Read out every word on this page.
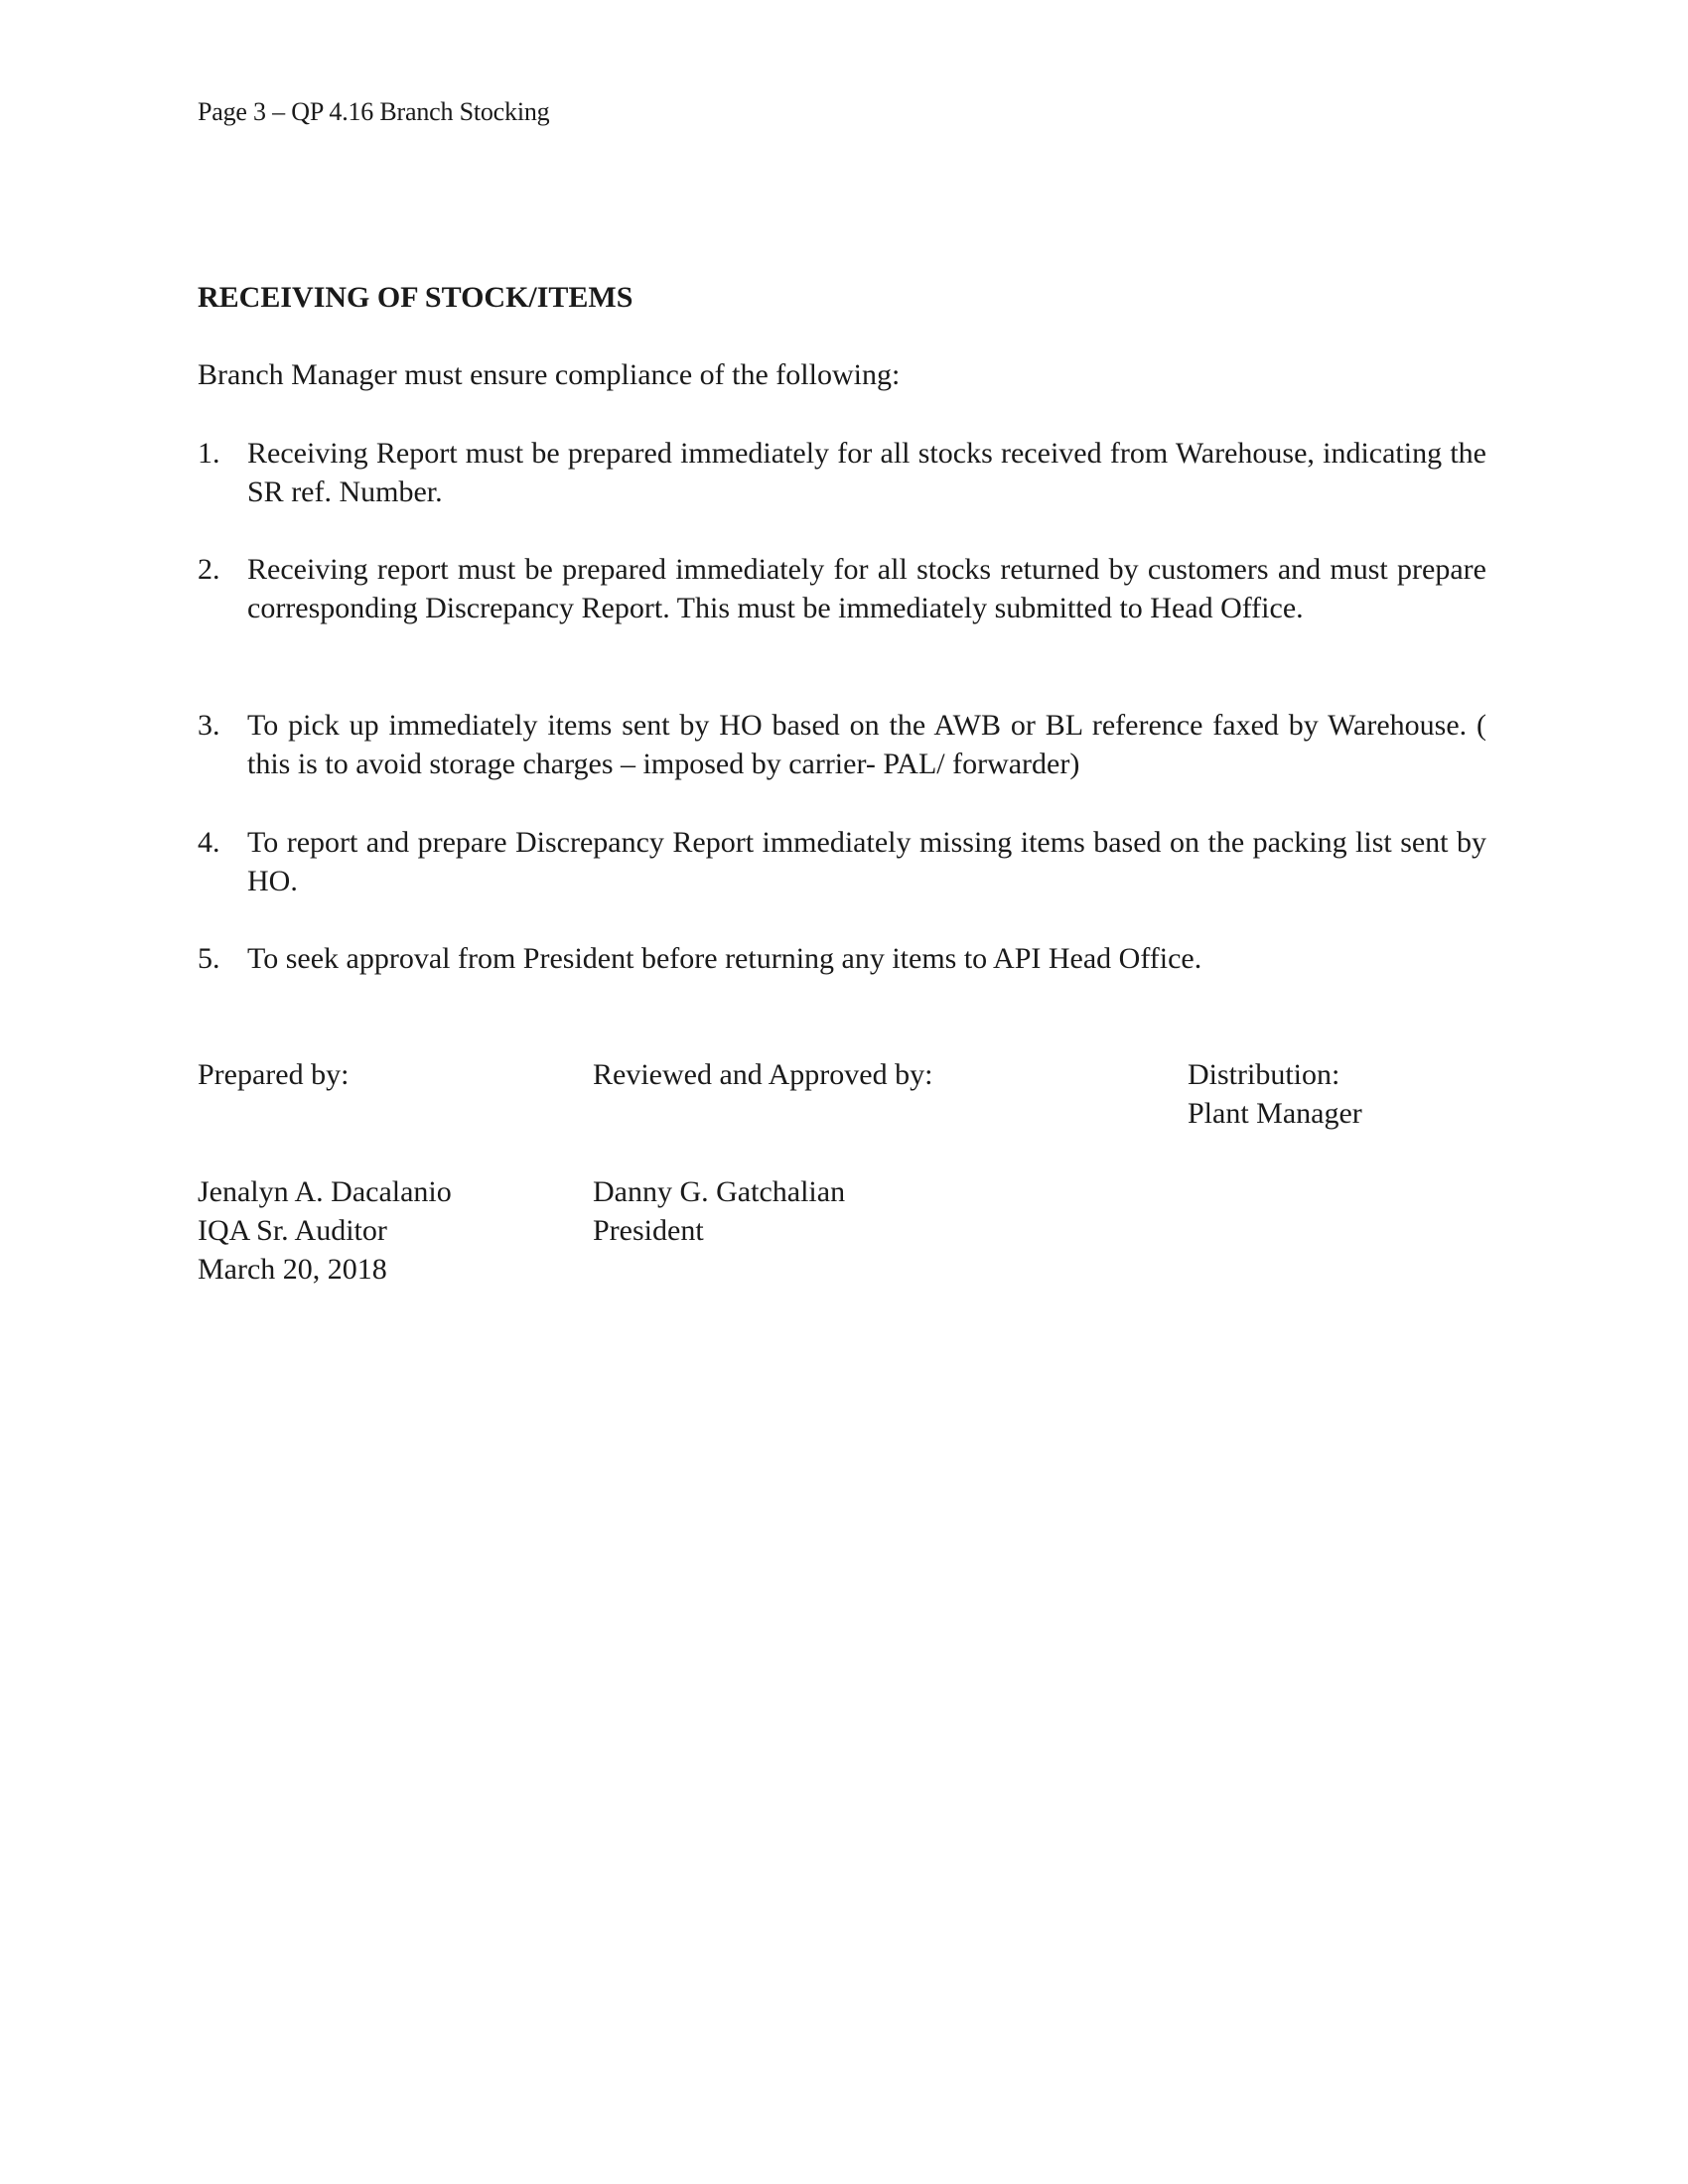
Page 3 – QP 4.16 Branch Stocking
RECEIVING OF STOCK/ITEMS
Branch Manager must ensure compliance of the following:
1. Receiving Report must be prepared immediately for all stocks received from Warehouse, indicating the SR ref. Number.
2. Receiving report must be prepared immediately for all stocks returned by customers and must prepare corresponding Discrepancy Report. This must be immediately submitted to Head Office.
3. To pick up immediately items sent by HO based on the AWB or BL reference faxed by Warehouse. ( this is to avoid storage charges – imposed by carrier- PAL/ forwarder)
4. To report and prepare Discrepancy Report immediately missing items based on the packing list sent by HO.
5. To seek approval from President before returning any items to API Head Office.
Prepared by:	Reviewed and Approved by:	Distribution:
Plant Manager
Jenalyn A. Dacalanio
IQA Sr. Auditor
March 20, 2018
Danny G. Gatchalian
President
